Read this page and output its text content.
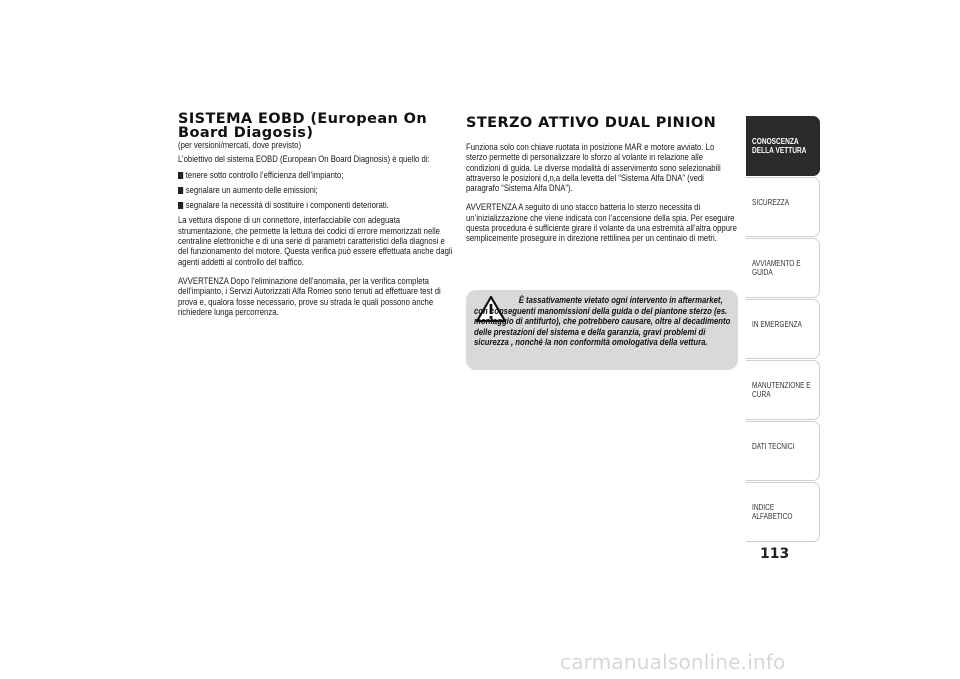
SISTEMA EOBD (European On Board Diagosis)

(per versioni/mercati, dove previsto)

L’obiettivo del sistema EOBD (European On Board Diagnosis) è quello di:

tenere sotto controllo l’efficienza dell’impianto;
segnalare un aumento delle emissioni;
segnalare la necessità di sostituire i componenti deteriorati.

La vettura dispone di un connettore, interfacciabile con adeguata strumentazione, che permette la lettura dei codici di errore memorizzati nelle centraline elettroniche e di una serie di parametri caratteristici della diagnosi e del funzionamento del motore. Questa verifica può essere effettuata anche dagli agenti addetti al controllo del traffico.

AVVERTENZA Dopo l’eliminazione dell’anomalia, per la verifica completa dell’impianto, i Servizi Autorizzati Alfa Romeo sono tenuti ad effettuare test di prova e, qualora fosse necessario, prove su strada le quali possono anche richiedere lunga percorrenza.

STERZO ATTIVO DUAL PINION

Funziona solo con chiave ruotata in posizione MAR e motore avviato. Lo sterzo permette di personalizzare lo sforzo al volante in relazione alle condizioni di guida. Le diverse modalità di asservimento sono selezionabili attraverso le posizioni d,n,a della levetta del “Sistema Alfa DNA” (vedi paragrafo “Sistema Alfa DNA”).

AVVERTENZA A seguito di uno stacco batteria lo sterzo necessita di un’inizializzazione che viene indicata con l’accensione della spia. Per eseguire questa procedura è sufficiente girare il volante da una estremità all’altra oppure semplicemente proseguire in direzione rettilinea per un centinaio di metri.

È tassativamente vietato ogni intervento in aftermarket, con conseguenti manomissioni della guida o del piantone sterzo (es. montaggio di antifurto), che potrebbero causare, oltre al decadimento delle prestazioni del sistema e della garanzia, gravi problemi di sicurezza , nonché la non conformità omologativa della vettura.
CONOSCENZA DELLA VETTURA
SICUREZZA
AVVIAMENTO E GUIDA
IN EMERGENZA
MANUTENZIONE E CURA
DATI TECNICI
INDICE ALFABETICO
113
carmanualsonline.info
